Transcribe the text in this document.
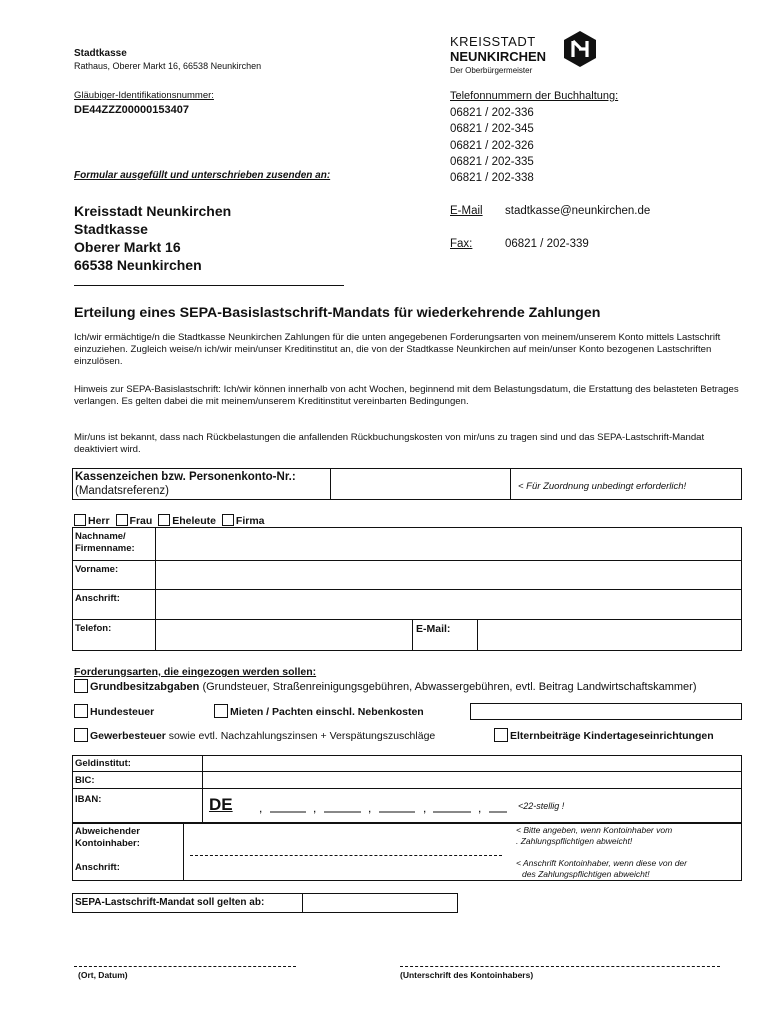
Stadtkasse
Rathaus, Oberer Markt 16, 66538 Neunkirchen
Gläubiger-Identifikationsnummer:
DE44ZZZ00000153407
Formular ausgefüllt und unterschrieben zusenden an:
KREISSTADT
NEUNKIRCHEN
Der Oberbürgermeister
Telefonnummern der Buchhaltung:
06821 / 202-336
06821 / 202-345
06821 / 202-326
06821 / 202-335
06821 / 202-338
Kreisstadt Neunkirchen
Stadtkasse
Oberer Markt 16
66538 Neunkirchen
E-Mail stadtkasse@neunkirchen.de
Fax:	06821 / 202-339
Erteilung eines SEPA-Basislastschrift-Mandats für wiederkehrende Zahlungen
Ich/wir ermächtige/n die Stadtkasse Neunkirchen Zahlungen für die unten angegebenen Forderungsarten von meinem/unserem Konto mittels Lastschrift einzuziehen. Zugleich weise/n ich/wir mein/unser Kreditinstitut an, die von der Stadtkasse Neunkirchen auf mein/unser Konto bezogenen Lastschriften einzulösen.
Hinweis zur SEPA-Basislastschrift: Ich/wir können innerhalb von acht Wochen, beginnend mit dem Belastungsdatum, die Erstattung des belasteten Betrages verlangen. Es gelten dabei die mit meinem/unserem Kreditinstitut vereinbarten Bedingungen.
Mir/uns ist bekannt, dass nach Rückbelastungen die anfallenden Rückbuchungskosten von mir/uns zu tragen sind und das SEPA-Lastschrift-Mandat deaktiviert wird.
Kassenzeichen bzw. Personenkonto-Nr.:
(Mandatsreferenz)	< Für Zuordnung unbedingt erforderlich!
Herr Frau Eheleute Firma
Nachname/
Firmenname:
Vorname:
Anschrift:
Telefon:	E-Mail:
Forderungsarten, die eingezogen werden sollen:
Grundbesitzabgaben (Grundsteuer, Straßenreinigungsgebühren, Abwassergebühren, evtl. Beitrag Landwirtschaftskammer)
Hundesteuer	Mieten / Pachten einschl. Nebenkosten
Gewerbesteuer sowie evtl. Nachzahlungszinsen + Verspätungszuschläge	Elternbeiträge Kindertageseinrichtungen
Geldinstitut:
BIC:
IBAN:	DE ,	,	,	,	,	<22-stellig !
Abweichender
Kontoinhaber:
Anschrift:
< Bitte angeben, wenn Kontoinhaber vom
. Zahlungspflichtigen abweicht!
< Anschrift Kontoinhaber, wenn diese von der
des Zahlungspflichtigen abweicht!
SEPA-Lastschrift-Mandat soll gelten ab:
(Ort, Datum)	(Unterschrift des Kontoinhabers)
